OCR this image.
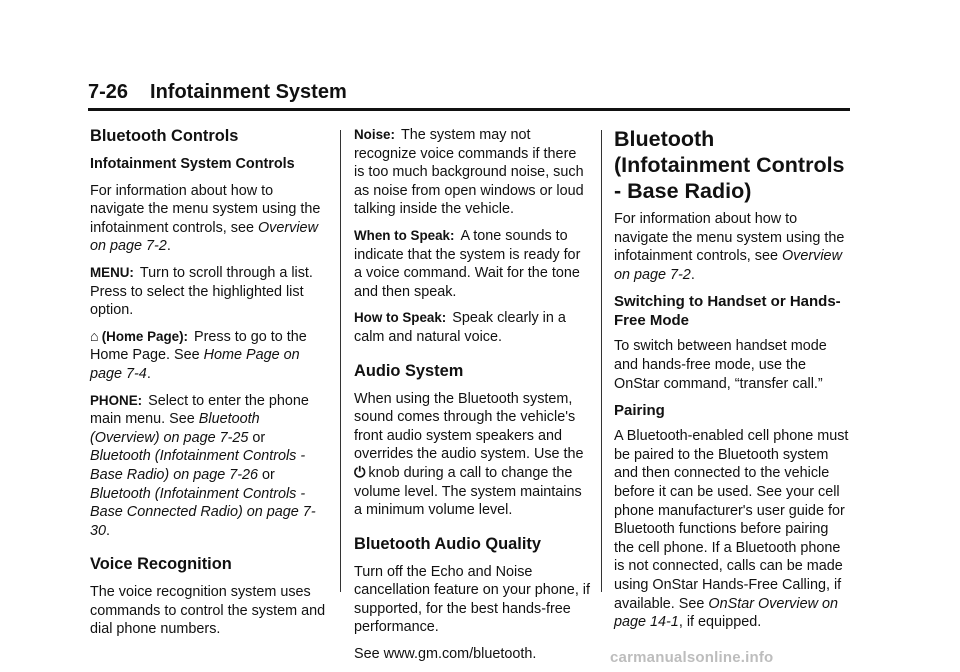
7-26 Infotainment System
Bluetooth Controls

Infotainment System Controls

For information about how to navigate the menu system using the infotainment controls, see Overview on page 7-2.

MENU: Turn to scroll through a list. Press to select the highlighted list option.

⌂ (Home Page): Press to go to the Home Page. See Home Page on page 7-4.

PHONE: Select to enter the phone main menu. See Bluetooth (Overview) on page 7-25 or Bluetooth (Infotainment Controls - Base Radio) on page 7-26 or Bluetooth (Infotainment Controls - Base Connected Radio) on page 7-30.

Voice Recognition

The voice recognition system uses commands to control the system and dial phone numbers.

Noise: The system may not recognize voice commands if there is too much background noise, such as noise from open windows or loud talking inside the vehicle.

When to Speak: A tone sounds to indicate that the system is ready for a voice command. Wait for the tone and then speak.

How to Speak: Speak clearly in a calm and natural voice.

Audio System

When using the Bluetooth system, sound comes through the vehicle's front audio system speakers and overrides the audio system. Use the ⏻ knob during a call to change the volume level. The system maintains a minimum volume level.

Bluetooth Audio Quality

Turn off the Echo and Noise cancellation feature on your phone, if supported, for the best hands-free performance.

See www.gm.com/bluetooth.

Bluetooth (Infotainment Controls - Base Radio)

For information about how to navigate the menu system using the infotainment controls, see Overview on page 7-2.

Switching to Handset or Hands-Free Mode

To switch between handset mode and hands-free mode, use the OnStar command, “transfer call.”

Pairing

A Bluetooth-enabled cell phone must be paired to the Bluetooth system and then connected to the vehicle before it can be used. See your cell phone manufacturer's user guide for Bluetooth functions before pairing the cell phone. If a Bluetooth phone is not connected, calls can be made using OnStar Hands-Free Calling, if available. See OnStar Overview on page 14-1, if equipped.

carmanualsonline.info
